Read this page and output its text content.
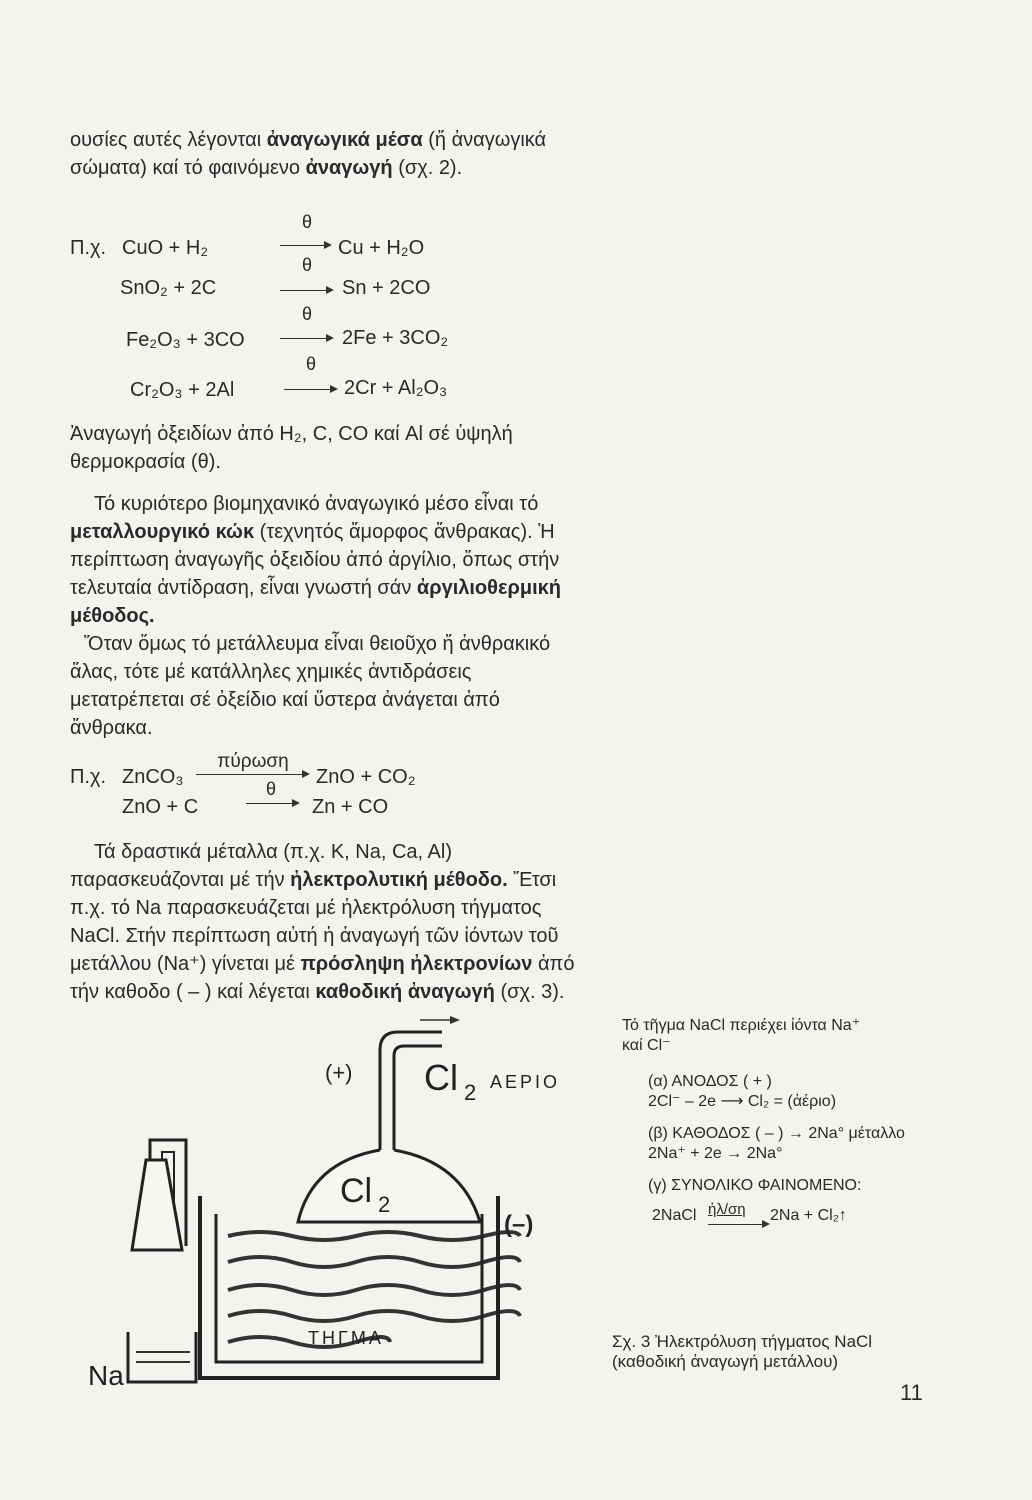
ουσίες αυτές λέγονται ἀναγωγικά μέσα (ἤ ἀναγωγικά σώματα) καί τό φαινόμενο ἀναγωγή (σχ. 2).
Π.χ. CuO + H₂
θ
→ Cu + H₂O
SnO₂ + 2C
θ
→ Sn + 2CO
Fe₂O₃ + 3CO
θ
→ 2Fe + 3CO₂
Cr₂O₃ + 2Al
θ
→ 2Cr + Al₂O₃
Ἀναγωγή ὀξειδίων ἀπό H₂, C, CO καί Al σέ ὑψηλή θερμοκρασία (θ).
Τό κυριότερο βιομηχανικό ἀναγωγικό μέσο εἶναι τό μεταλλουργικό κώκ (τεχνητός ἄμορφος ἄνθρακας). Ἡ περίπτωση ἀναγωγῆς ὀξειδίου ἀπό ἀργίλιο, ὅπως στήν τελευταία ἀντίδραση, εἶναι γνωστή σάν ἀργιλιοθερμική μέθοδος.
Ὅταν ὅμως τό μετάλλευμα εἶναι θειοῦχο ἤ ἀνθρακικό ἅλας, τότε μέ κατάλληλες χημικές ἀντιδράσεις μετατρέπεται σέ ὀξείδιο καί ὕστερα ἀνάγεται ἀπό ἄνθρακα.
Π.χ. ZnCO₃
πύρωση
ZnO + CO₂
ZnO + C
θ
Zn + CO
Τά δραστικά μέταλλα (π.χ. K, Na, Ca, Al) παρασκευάζονται μέ τήν ἠλεκτρολυτική μέθοδο. Ἔτσι π.χ. τό Na παρασκευάζεται μέ ἠλεκτρόλυση τήγματος NaCl. Στήν περίπτωση αὐτή ἡ ἀναγωγή τῶν ἰόντων τοῦ μετάλλου (Na⁺) γίνεται μέ πρόσληψη ἠλεκτρονίων ἀπό τήν καθοδο ( – ) καί λέγεται καθοδική ἀναγωγή (σχ. 3).
(+)
(–)
Cl 2 ΑΕΡΙΟ
Cl 2
ΤΗΓΜΑ
Na
Τό τῆγμα NaCl περιέχει ἰόντα Na⁺
καί Cl⁻
(α) ΑΝΟΔΟΣ ( + )
2Cl⁻ – 2e ⟶ Cl₂ = (ἀέριο)
(β) ΚΑΘΟΔΟΣ ( – ) → 2Na° μέταλλο
2Na⁺ + 2e → 2Na°
(γ) ΣΥΝΟΛΙΚΟ ΦΑΙΝΟΜΕΝΟ:
2NaCl ἠλ/ση 2Na + Cl₂↑
Σχ. 3 Ἠλεκτρόλυση τήγματος NaCl
(καθοδική ἀναγωγή μετάλλου)
11
